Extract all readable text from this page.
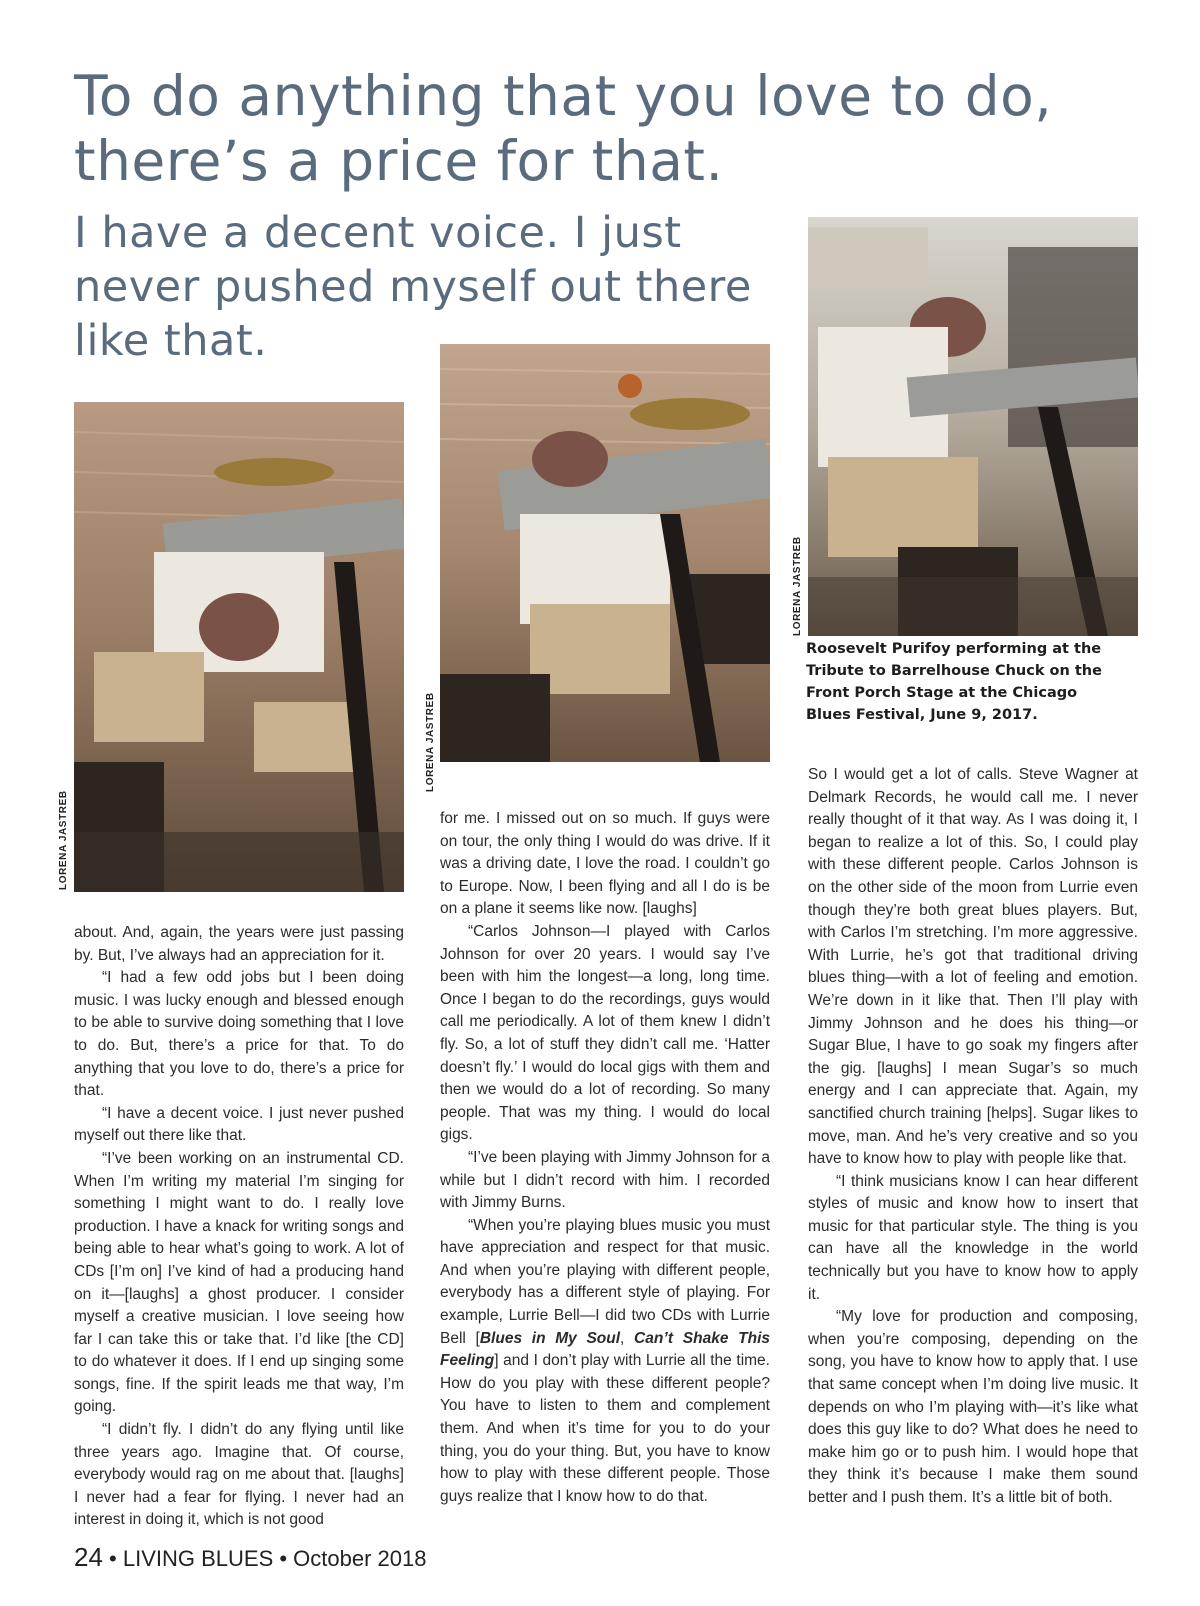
To do anything that you love to do, there’s a price for that.
I have a decent voice. I just never pushed myself out there like that.
LORENA JASTREB
LORENA JASTREB
LORENA JASTREB

Roosevelt Purifoy performing at the Tribute to Barrelhouse Chuck on the Front Porch Stage at the Chicago Blues Festival, June 9, 2017.

about. And, again, the years were just passing by. But, I’ve always had an appreciation for it.

“I had a few odd jobs but I been doing music. I was lucky enough and blessed enough to be able to survive doing something that I love to do. But, there’s a price for that. To do anything that you love to do, there’s a price for that.

“I have a decent voice. I just never pushed myself out there like that.

“I’ve been working on an instrumental CD. When I’m writing my material I’m singing for something I might want to do. I really love production. I have a knack for writing songs and being able to hear what’s going to work. A lot of CDs [I’m on] I’ve kind of had a producing hand on it—[laughs] a ghost producer. I consider myself a creative musician. I love seeing how far I can take this or take that. I’d like [the CD] to do whatever it does. If I end up singing some songs, fine. If the spirit leads me that way, I’m going.

“I didn’t fly. I didn’t do any flying until like three years ago. Imagine that. Of course, everybody would rag on me about that. [laughs] I never had a fear for flying. I never had an interest in doing it, which is not good

for me. I missed out on so much. If guys were on tour, the only thing I would do was drive. If it was a driving date, I love the road. I couldn’t go to Europe. Now, I been flying and all I do is be on a plane it seems like now. [laughs]

“Carlos Johnson—I played with Carlos Johnson for over 20 years. I would say I’ve been with him the longest—a long, long time. Once I began to do the recordings, guys would call me periodically. A lot of them knew I didn’t fly. So, a lot of stuff they didn’t call me. ‘Hatter doesn’t fly.’ I would do local gigs with them and then we would do a lot of recording. So many people. That was my thing. I would do local gigs.

“I’ve been playing with Jimmy Johnson for a while but I didn’t record with him. I recorded with Jimmy Burns.

“When you’re playing blues music you must have appreciation and respect for that music. And when you’re playing with different people, everybody has a different style of playing. For example, Lurrie Bell—I did two CDs with Lurrie Bell [Blues in My Soul, Can’t Shake This Feeling] and I don’t play with Lurrie all the time. How do you play with these different people? You have to listen to them and complement them. And when it’s time for you to do your thing, you do your thing. But, you have to know how to play with these different people. Those guys realize that I know how to do that.

So I would get a lot of calls. Steve Wagner at Delmark Records, he would call me. I never really thought of it that way. As I was doing it, I began to realize a lot of this. So, I could play with these different people. Carlos Johnson is on the other side of the moon from Lurrie even though they’re both great blues players. But, with Carlos I’m stretching. I’m more aggressive. With Lurrie, he’s got that traditional driving blues thing—with a lot of feeling and emotion. We’re down in it like that. Then I’ll play with Jimmy Johnson and he does his thing—or Sugar Blue, I have to go soak my fingers after the gig. [laughs] I mean Sugar’s so much energy and I can appreciate that. Again, my sanctified church training [helps]. Sugar likes to move, man. And he’s very creative and so you have to know how to play with people like that.

“I think musicians know I can hear different styles of music and know how to insert that music for that particular style. The thing is you can have all the knowledge in the world technically but you have to know how to apply it.

“My love for production and composing, when you’re composing, depending on the song, you have to know how to apply that. I use that same concept when I’m doing live music. It depends on who I’m playing with—it’s like what does this guy like to do? What does he need to make him go or to push him. I would hope that they think it’s because I make them sound better and I push them. It’s a little bit of both.

24 • LIVING BLUES • October 2018
